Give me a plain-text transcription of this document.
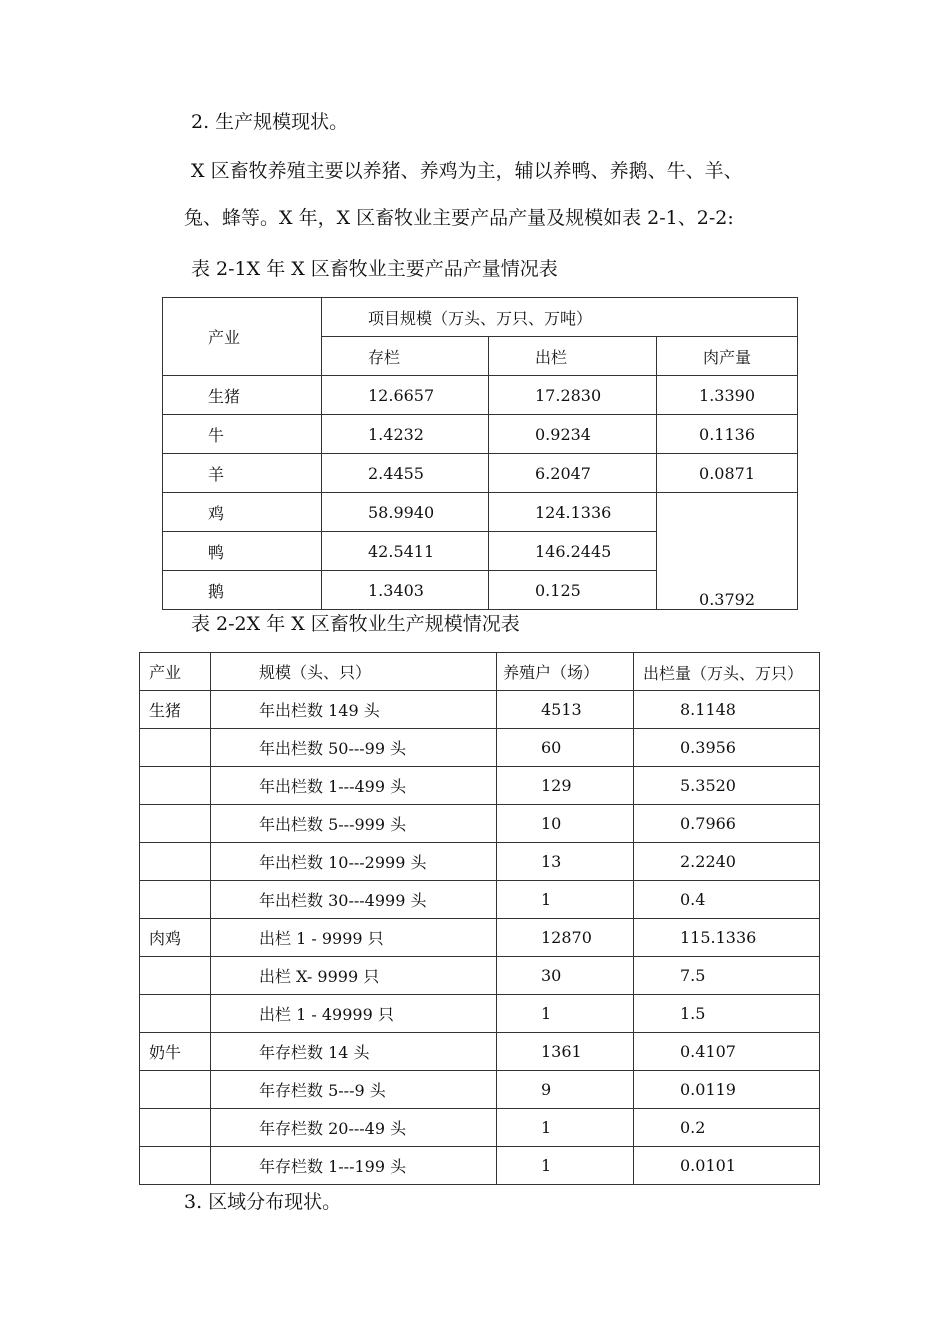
2. 生产规模现状。

X 区畜牧养殖主要以养猪、养鸡为主，辅以养鸭、养鹅、牛、羊、

兔、蜂等。X 年，X 区畜牧业主要产品产量及规模如表 2-1、2-2:

表 2-1X 年 X 区畜牧业主要产品产量情况表

产业	项目规模（万头、万只、万吨）		
	存栏	出栏	肉产量
生猪	12.6657	17.2830	1.3390
牛	1.4232	0.9234	0.1136
羊	2.4455	6.2047	0.0871
鸡	58.9940	124.1336	0.3792
鸭	42.5411	146.2445	
鹅	1.3403	0.125	

表 2-2X 年 X 区畜牧业生产规模情况表

产业	规模（头、只）	养殖户（场）	出栏量（万头、万只）
生猪	年出栏数 149 头	4513	8.1148
	年出栏数 50---99 头	60	0.3956
	年出栏数 1---499 头	129	5.3520
	年出栏数 5---999 头	10	0.7966
	年出栏数 10---2999 头	13	2.2240
	年出栏数 30---4999 头	1	0.4
肉鸡	出栏 1 - 9999 只	12870	115.1336
	出栏 X- 9999 只	30	7.5
	出栏 1 - 49999 只	1	1.5
奶牛	年存栏数 14 头	1361	0.4107
	年存栏数 5---9 头	9	0.0119
	年存栏数 20---49 头	1	0.2
	年存栏数 1---199 头	1	0.0101

3. 区域分布现状。
